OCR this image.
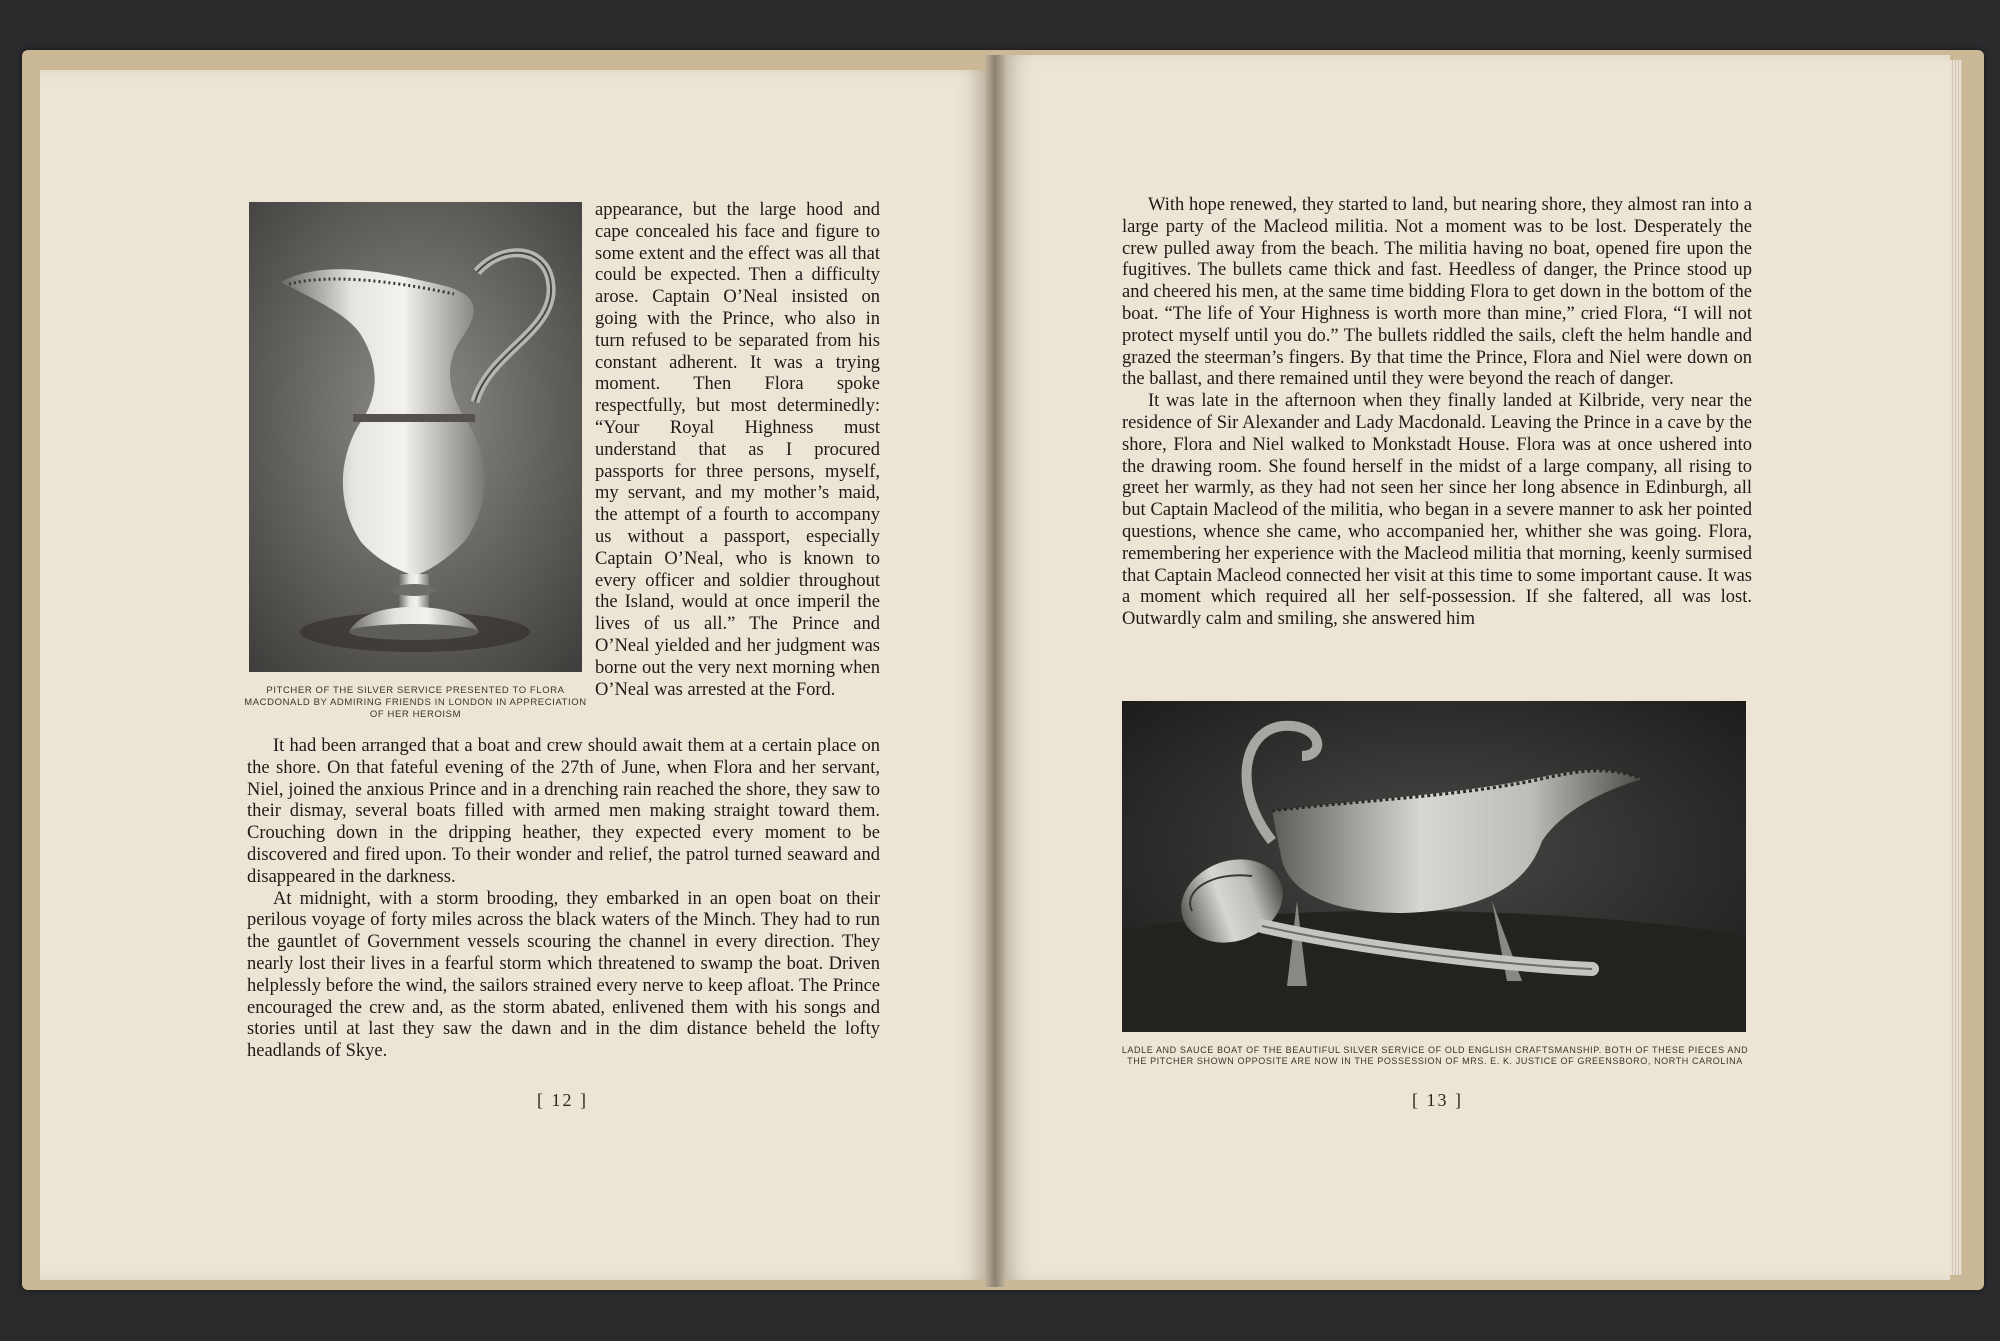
PITCHER OF THE SILVER SERVICE PRESENTED TO FLORA MACDONALD BY ADMIRING FRIENDS IN LONDON IN APPRECIATION OF HER HEROISM

appearance, but the large hood and cape concealed his face and figure to some extent and the effect was all that could be expected. Then a difficulty arose. Captain O’Neal insisted on going with the Prince, who also in turn refused to be separated from his constant adherent. It was a trying moment. Then Flora spoke respectfully, but most determinedly: “Your Royal Highness must understand that as I procured passports for three persons, myself, my servant, and my mother’s maid, the attempt of a fourth to accompany us without a passport, especially Captain O’Neal, who is known to every officer and soldier throughout the Island, would at once imperil the lives of us all.” The Prince and O’Neal yielded and her judgment was borne out the very next morning when O’Neal was arrested at the Ford.

It had been arranged that a boat and crew should await them at a certain place on the shore. On that fateful evening of the 27th of June, when Flora and her servant, Niel, joined the anxious Prince and in a drenching rain reached the shore, they saw to their dismay, several boats filled with armed men making straight toward them. Crouching down in the dripping heather, they expected every moment to be discovered and fired upon. To their wonder and relief, the patrol turned seaward and disappeared in the darkness.

At midnight, with a storm brooding, they embarked in an open boat on their perilous voyage of forty miles across the black waters of the Minch. They had to run the gauntlet of Government vessels scouring the channel in every direction. They nearly lost their lives in a fearful storm which threatened to swamp the boat. Driven helplessly before the wind, the sailors strained every nerve to keep afloat. The Prince encouraged the crew and, as the storm abated, enlivened them with his songs and stories until at last they saw the dawn and in the dim distance beheld the lofty headlands of Skye.

[ 12 ]

With hope renewed, they started to land, but nearing shore, they almost ran into a large party of the Macleod militia. Not a moment was to be lost. Desperately the crew pulled away from the beach. The militia having no boat, opened fire upon the fugitives. The bullets came thick and fast. Heedless of danger, the Prince stood up and cheered his men, at the same time bidding Flora to get down in the bottom of the boat. “The life of Your Highness is worth more than mine,” cried Flora, “I will not protect myself until you do.” The bullets riddled the sails, cleft the helm handle and grazed the steerman’s fingers. By that time the Prince, Flora and Niel were down on the ballast, and there remained until they were beyond the reach of danger.

It was late in the afternoon when they finally landed at Kilbride, very near the residence of Sir Alexander and Lady Macdonald. Leaving the Prince in a cave by the shore, Flora and Niel walked to Monkstadt House. Flora was at once ushered into the drawing room. She found herself in the midst of a large company, all rising to greet her warmly, as they had not seen her since her long absence in Edinburgh, all but Captain Macleod of the militia, who began in a severe manner to ask her pointed questions, whence she came, who accompanied her, whither she was going. Flora, remembering her experience with the Macleod militia that morning, keenly surmised that Captain Macleod connected her visit at this time to some important cause. It was a moment which required all her self-possession. If she faltered, all was lost. Outwardly calm and smiling, she answered him

LADLE AND SAUCE BOAT OF THE BEAUTIFUL SILVER SERVICE OF OLD ENGLISH CRAFTSMANSHIP. BOTH OF THESE PIECES AND THE PITCHER SHOWN OPPOSITE ARE NOW IN THE POSSESSION OF MRS. E. K. JUSTICE OF GREENSBORO, NORTH CAROLINA
[ 13 ]
